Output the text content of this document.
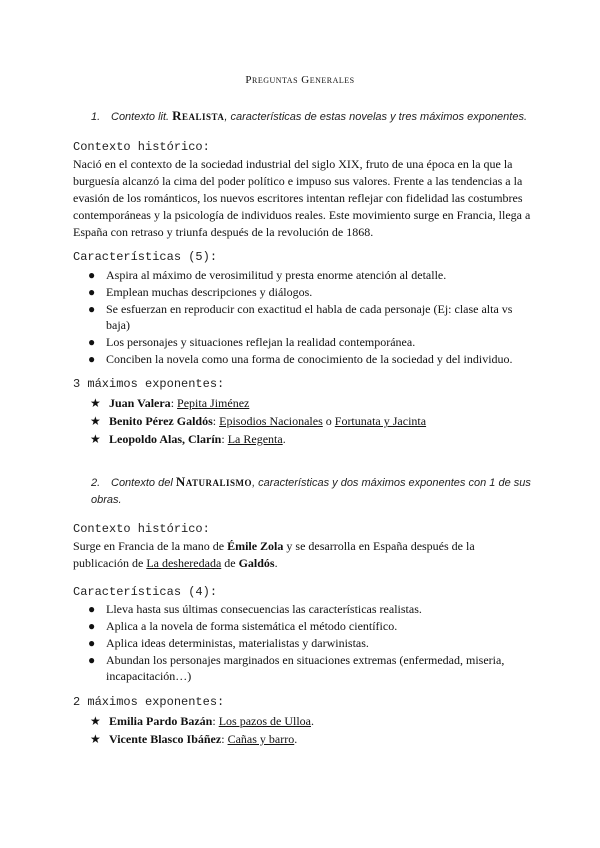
Preguntas Generales
1. Contexto lit. Realista, características de estas novelas y tres máximos exponentes.
Contexto histórico:
Nació en el contexto de la sociedad industrial del siglo XIX, fruto de una época en la que la burguesía alcanzó la cima del poder político e impuso sus valores. Frente a las tendencias a la evasión de los románticos, los nuevos escritores intentan reflejar con fidelidad las costumbres contemporáneas y la psicología de individuos reales. Este movimiento surge en Francia, llega a España con retraso y triunfa después de la revolución de 1868.
Características (5):
● Aspira al máximo de verosimilitud y presta enorme atención al detalle.
● Emplean muchas descripciones y diálogos.
● Se esfuerzan en reproducir con exactitud el habla de cada personaje (Ej: clase alta vs baja)
● Los personajes y situaciones reflejan la realidad contemporánea.
● Conciben la novela como una forma de conocimiento de la sociedad y del individuo.
3 máximos exponentes:
★ Juan Valera: Pepita Jiménez
★ Benito Pérez Galdós: Episodios Nacionales o Fortunata y Jacinta
★ Leopoldo Alas, Clarín: La Regenta.
2. Contexto del Naturalismo, características y dos máximos exponentes con 1 de sus obras.
Contexto histórico:
Surge en Francia de la mano de Émile Zola y se desarrolla en España después de la publicación de La desheredada de Galdós.
Características (4):
● Lleva hasta sus últimas consecuencias las características realistas.
● Aplica a la novela de forma sistemática el método científico.
● Aplica ideas deterministas, materialistas y darwinistas.
● Abundan los personajes marginados en situaciones extremas (enfermedad, miseria, incapacitación…)
2 máximos exponentes:
★ Emilia Pardo Bazán: Los pazos de Ulloa.
★ Vicente Blasco Ibáñez: Cañas y barro.
